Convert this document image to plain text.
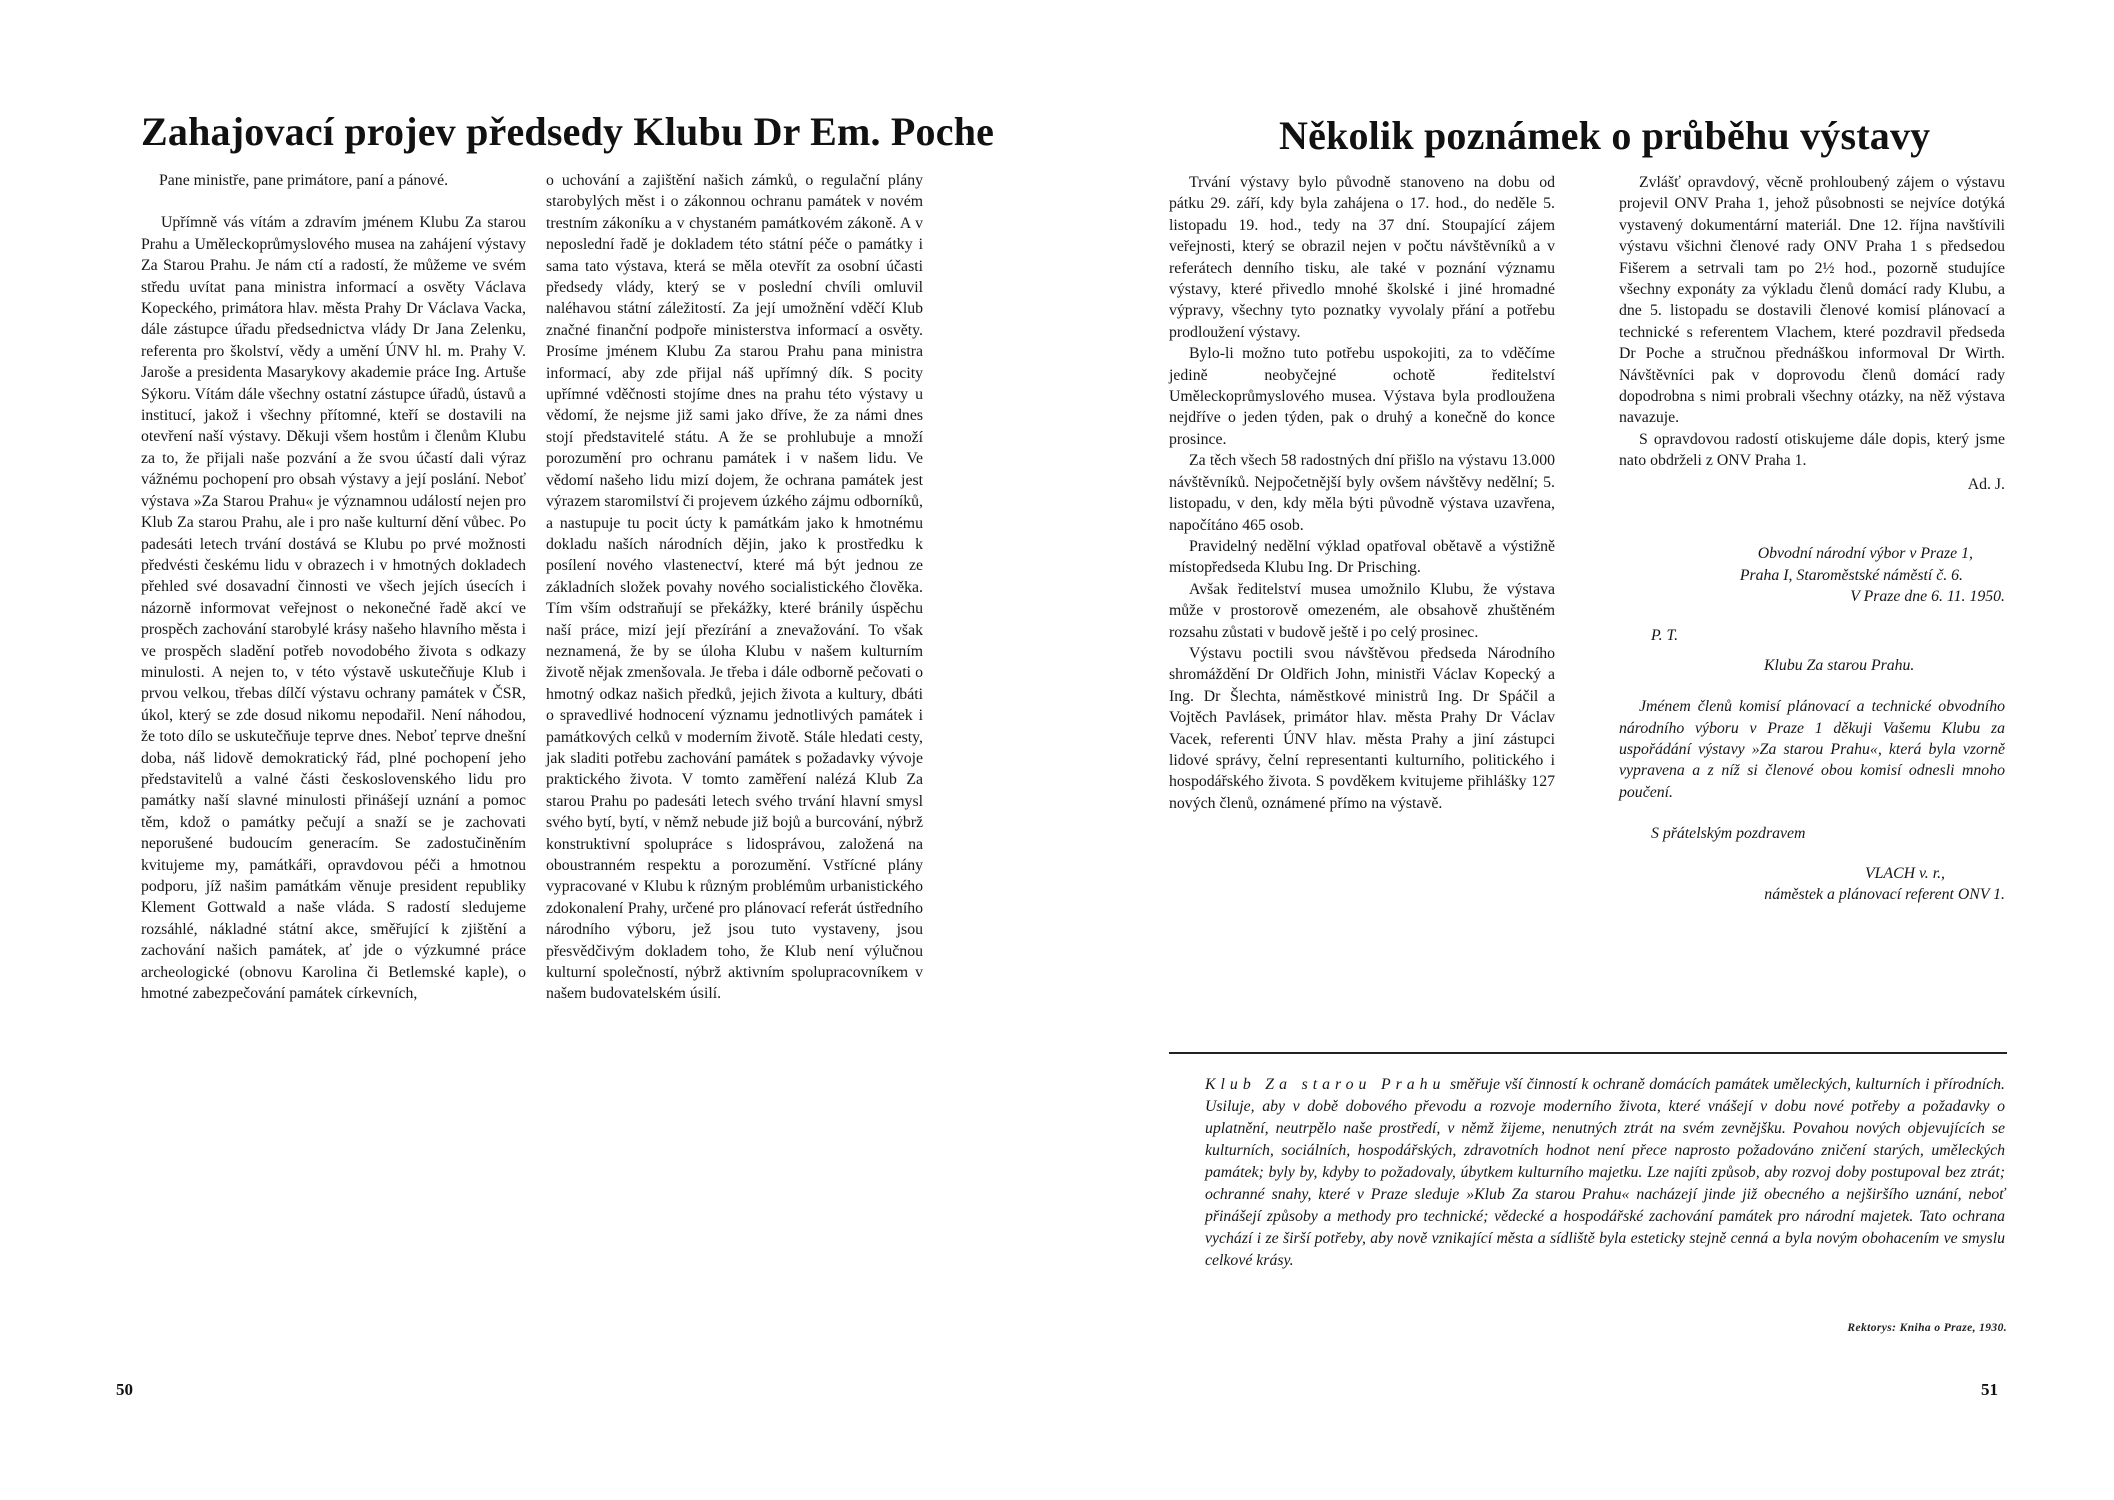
Zahajovací projev předsedy Klubu Dr Em. Poche

Pane ministře, pane primátore, paní a pánové.

Upřímně vás vítám a zdravím jménem Klubu Za starou Prahu a Uměleckoprůmyslového musea na zahájení výstavy Za Starou Prahu. Je nám ctí a radostí, že můžeme ve svém středu uvítat pana ministra informací a osvěty Václava Kopeckého, primátora hlav. města Prahy Dr Václava Vacka, dále zástupce úřadu předsednictva vlády Dr Jana Zelenku, referenta pro školství, vědy a umění ÚNV hl. m. Prahy V. Jaroše a presidenta Masarykovy akademie práce Ing. Artuše Sýkoru. Vítám dále všechny ostatní zástupce úřadů, ústavů a institucí, jakož i všechny přítomné, kteří se dostavili na otevření naší výstavy. Děkuji všem hostům i členům Klubu za to, že přijali naše pozvání a že svou účastí dali výraz vážnému pochopení pro obsah výstavy a její poslání. Neboť výstava »Za Starou Prahu« je významnou událostí nejen pro Klub Za starou Prahu, ale i pro naše kulturní dění vůbec. Po padesáti letech trvání dostává se Klubu po prvé možnosti předvésti českému lidu v obrazech i v hmotných dokladech přehled své dosavadní činnosti ve všech jejích úsecích i názorně informovat veřejnost o nekonečné řadě akcí ve prospěch zachování starobylé krásy našeho hlavního města i ve prospěch sladění potřeb novodobého života s odkazy minulosti. A nejen to, v této výstavě uskutečňuje Klub i prvou velkou, třebas dílčí výstavu ochrany památek v ČSR, úkol, který se zde dosud nikomu nepodařil. Není náhodou, že toto dílo se uskutečňuje teprve dnes. Neboť teprve dnešní doba, náš lidově demokratický řád, plné pochopení jeho představitelů a valné části československého lidu pro památky naší slavné minulosti přinášejí uznání a pomoc těm, kdož o památky pečují a snaží se je zachovati neporušené budoucím generacím. Se zadostučiněním kvitujeme my, památkáři, opravdovou péči a hmotnou podporu, jíž našim památkám věnuje president republiky Klement Gottwald a naše vláda. S radostí sledujeme rozsáhlé, nákladné státní akce, směřující k zjištění a zachování našich památek, ať jde o výzkumné práce archeologické (obnovu Karolina či Betlemské kaple), o hmotné zabezpečování památek církevních,

o uchování a zajištění našich zámků, o regulační plány starobylých měst i o zákonnou ochranu památek v novém trestním zákoníku a v chystaném památkovém zákoně. A v neposlední řadě je dokladem této státní péče o památky i sama tato výstava, která se měla otevřít za osobní účasti předsedy vlády, který se v poslední chvíli omluvil naléhavou státní záležitostí. Za její umožnění vděčí Klub značné finanční podpoře ministerstva informací a osvěty. Prosíme jménem Klubu Za starou Prahu pana ministra informací, aby zde přijal náš upřímný dík. S pocity upřímné vděčnosti stojíme dnes na prahu této výstavy u vědomí, že nejsme již sami jako dříve, že za námi dnes stojí představitelé státu. A že se prohlubuje a množí porozumění pro ochranu památek i v našem lidu. Ve vědomí našeho lidu mizí dojem, že ochrana památek jest výrazem staromilství či projevem úzkého zájmu odborníků, a nastupuje tu pocit úcty k památkám jako k hmotnému dokladu naších národních dějin, jako k prostředku k posílení nového vlastenectví, které má být jednou ze základních složek povahy nového socialistického člověka. Tím vším odstraňují se překážky, které bránily úspěchu naší práce, mizí její přezírání a znevažování. To však neznamená, že by se úloha Klubu v našem kulturním životě nějak zmenšovala. Je třeba i dále odborně pečovati o hmotný odkaz našich předků, jejich života a kultury, dbáti o spravedlivé hodnocení významu jednotlivých památek i památkových celků v moderním životě. Stále hledati cesty, jak sladiti potřebu zachování památek s požadavky vývoje praktického života. V tomto zaměření nalézá Klub Za starou Prahu po padesáti letech svého trvání hlavní smysl svého bytí, bytí, v němž nebude již bojů a burcování, nýbrž konstruktivní spolupráce s lidosprávou, založená na oboustranném respektu a porozumění. Vstřícné plány vypracované v Klubu k různým problémům urbanistického zdokonalení Prahy, určené pro plánovací referát ústředního národního výboru, jež jsou tuto vystaveny, jsou přesvědčivým dokladem toho, že Klub není výlučnou kulturní společností, nýbrž aktivním spolupracovníkem v našem budovatelském úsilí.

50
Několik poznámek o průběhu výstavy

Trvání výstavy bylo původně stanoveno na dobu od pátku 29. září, kdy byla zahájena o 17. hod., do neděle 5. listopadu 19. hod., tedy na 37 dní. Stoupající zájem veřejnosti, který se obrazil nejen v počtu návštěvníků a v referátech denního tisku, ale také v poznání významu výstavy, které přivedlo mnohé školské i jiné hromadné výpravy, všechny tyto poznatky vyvolaly přání a potřebu prodloužení výstavy.

Bylo-li možno tuto potřebu uspokojiti, za to vděčíme jedině neobyčejné ochotě ředitelství Uměleckoprůmyslového musea. Výstava byla prodloužena nejdříve o jeden týden, pak o druhý a konečně do konce prosince.

Za těch všech 58 radostných dní přišlo na výstavu 13.000 návštěvníků. Nejpočetnější byly ovšem návštěvy nedělní; 5. listopadu, v den, kdy měla býti původně výstava uzavřena, napočítáno 465 osob.

Pravidelný nedělní výklad opatřoval obětavě a výstižně místopředseda Klubu Ing. Dr Prisching.

Avšak ředitelství musea umožnilo Klubu, že výstava může v prostorově omezeném, ale obsahově zhuštěném rozsahu zůstati v budově ještě i po celý prosinec.

Výstavu poctili svou návštěvou předseda Národního shromáždění Dr Oldřich John, ministři Václav Kopecký a Ing. Dr Šlechta, náměstkové ministrů Ing. Dr Spáčil a Vojtěch Pavlásek, primátor hlav. města Prahy Dr Václav Vacek, referenti ÚNV hlav. města Prahy a jiní zástupci lidové správy, čelní representanti kulturního, politického i hospodářského života. S povděkem kvitujeme přihlášky 127 nových členů, oznámené přímo na výstavě.

Zvlášť opravdový, věcně prohloubený zájem o výstavu projevil ONV Praha 1, jehož působnosti se nejvíce dotýká vystavený dokumentární materiál. Dne 12. října navštívili výstavu všichni členové rady ONV Praha 1 s předsedou Fišerem a setrvali tam po 2½ hod., pozorně studujíce všechny exponáty za výkladu členů domácí rady Klubu, a dne 5. listopadu se dostavili členové komisí plánovací a technické s referentem Vlachem, které pozdravil předseda Dr Poche a stručnou přednáškou informoval Dr Wirth. Návštěvníci pak v doprovodu členů domácí rady dopodrobna s nimi probrali všechny otázky, na něž výstava navazuje.

S opravdovou radostí otiskujeme dále dopis, který jsme nato obdrželi z ONV Praha 1.

Ad. J.
Obvodní národní výbor v Praze 1,
Praha I, Staroměstské náměstí č. 6.
V Praze dne 6. 11. 1950.
P. T.
Klubu Za starou Prahu.

Jménem členů komisí plánovací a technické obvodního národního výboru v Praze 1 děkuji Vašemu Klubu za uspořádání výstavy »Za starou Prahu«, která byla vzorně vypravena a z níž si členové obou komisí odnesli mnoho poučení.

S přátelským pozdravem
VLACH v. r.,
náměstek a plánovací referent ONV 1.

Klub Za starou Prahu směřuje vší činností k ochraně domácích památek uměleckých, kulturních i přírodních. Usiluje, aby v době dobového převodu a rozvoje moderního života, které vnášejí v dobu nové potřeby a požadavky o uplatnění, neutrpělo naše prostředí, v němž žijeme, nenutných ztrát na svém zevnějšku. Povahou nových objevujících se kulturních, sociálních, hospodářských, zdravotních hodnot není přece naprosto požadováno zničení starých, uměleckých památek; byly by, kdyby to požadovaly, úbytkem kulturního majetku. Lze najíti způsob, aby rozvoj doby postupoval bez ztrát; ochranné snahy, které v Praze sleduje »Klub Za starou Prahu« nacházejí jinde již obecného a nejširšího uznání, neboť přinášejí způsoby a methody pro technické; vědecké a hospodářské zachování památek pro národní majetek. Tato ochrana vychází i ze širší potřeby, aby nově vznikající města a sídliště byla esteticky stejně cenná a byla novým obohacením ve smyslu celkové krásy.

Rektorys: Kniha o Praze, 1930.
51
